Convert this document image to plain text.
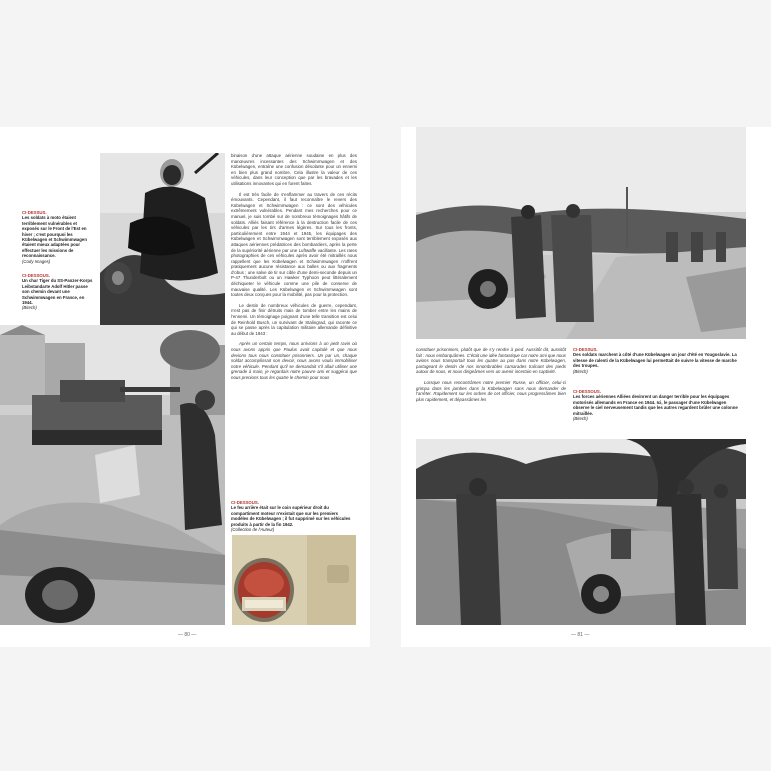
CI-DESSUS.
Les soldats à moto étaient terriblement vulnérables et exposés sur le Front de l'Est en hiver ; c'est pourquoi les Kübelwagen et Schwimmwagen étaient mieux adaptées pour effectuer les missions de reconnaissance.
(Cody Images)
CI-DESSOUS.
Un char Tiger du SS-Panzer-Korps Leibstandarte Adolf Hitler passe son chemin devant une Schwimmwagen en France, en 1944.
(Bitech)
CI-DESSOUS.
Le feu arrière était sur le coin supérieur droit du compartiment moteur n'existait que sur les premiers modèles de Kübelwagen ; il fut supprimé sur les véhicules produits à partir de la fin 1942.
(Collection de l'Auteur)

binaison d'une attaque aérienne soudaine en plus des manœuvres incessantes des Schwimmwagen et des Kübelwagen, entraîne une confusion désolante pour un ennemi en bien plus grand nombre. Cela illustre la valeur de ces véhicules, dans leur conception que par les bravades et les utilisations innovantes qui en furent faites.

Il est très facile de s'enflammer au travers de ces récits émouvants. Cependant, il faut reconnaître le revers des Kübelwagen et Schwimmwagen : ce sont des véhicules extrêmement vulnérables. Pendant mes recherches pour ce manuel, je suis tombé sur de nombreux témoignages hâtifs de soldats. Alliés faisant référence à la destruction facile de ces véhicules par les tirs d'armes légères. Sur tous les fronts, particulièrement entre 1944 et 1945, les équipages des Kübelwagen et Schwimmwagen sont terriblement exposés aux attaques aériennes prédatrices des bombardiers, après la perte de la supériorité aérienne par une Luftwaffe vacillante. Les rares photographies de ces véhicules après avoir été mitraillés nous rappellent que les Kübelwagen et Schwimmwagen n'offrent pratiquement aucune résistance aux balles ou aux fragments d'obus ; une salve de tir sur cible d'une demi-seconde depuis un P-47 Thunderbolt ou un Hawker Typhoon peut littéralement déchiqueter le véhicule comme une pile de conserve de mauvaise qualité. Les Kübelwagen et Schwimmwagen sont toutes deux conçues pour la mobilité, pas pour la protection.

Le destin de nombreux véhicules de guerre, cependant, n'est pas de finir détruits mais de tomber entre les mains de l'ennemi. Un témoignage poignant d'une telle transition est celui de Reinhold Busch, un survivant de Stalingrad, qui raconte ce qui se passe après la capitulation militaire allemande définitive au début de 1943 :

Après un certain temps, nous arrivions à un petit ravin où nous avons appris que Paulus avait capitulé et que nous devions tous nous constituer prisonniers. Un par un, chaque soldat accomplissait son devoir, nous avons voulu immobiliser notre véhicule. Pendant qu'il se demandait s'il allait utiliser une grenade à main, je regardais notre pauvre ami et suggérai que nous prenions tous les quatre le chemin pour nous

— 80 —

constituer prisonniers, plutôt que de s'y rendre à pied. Aussitôt dit, aussitôt fait : nous embarquâmes. C'était une idée fantastique car notre ami que nous avions nous transportait tous les quatre au pas dans notre Kübelwagen, partageant le destin de nos innombrables camarades traînant des pieds autour de nous, et nous dirigeâmes vers un avenir incertain en captivité.

Lorsque nous rencontrâmes notre premier Russe, un officier, celui-ci grimpa dans les jambes dans la Kübelwagen sans nous demander de l'arrêter. Rapidement sur les ordres de cet officier, nous progressâmes bien plus rapidement, et dépassâmes les

CI-DESSUS.
Des soldats marchent à côté d'une Kübelwagen un jour d'été en Yougoslavie. La vitesse de ralenti de la Kübelwagen lui permettait de suivre la vitesse de marche des troupes.
(Bitech)
CI-DESSOUS.
Les forces aériennes Alliées devinrent un danger terrible pour les équipages motorisés allemands en France en 1944. Ici, le passager d'une Kübelwagen observe le ciel nerveusement tandis que les autres regardent brûler une colonne mitraillée.
(Bitech)
— 81 —
